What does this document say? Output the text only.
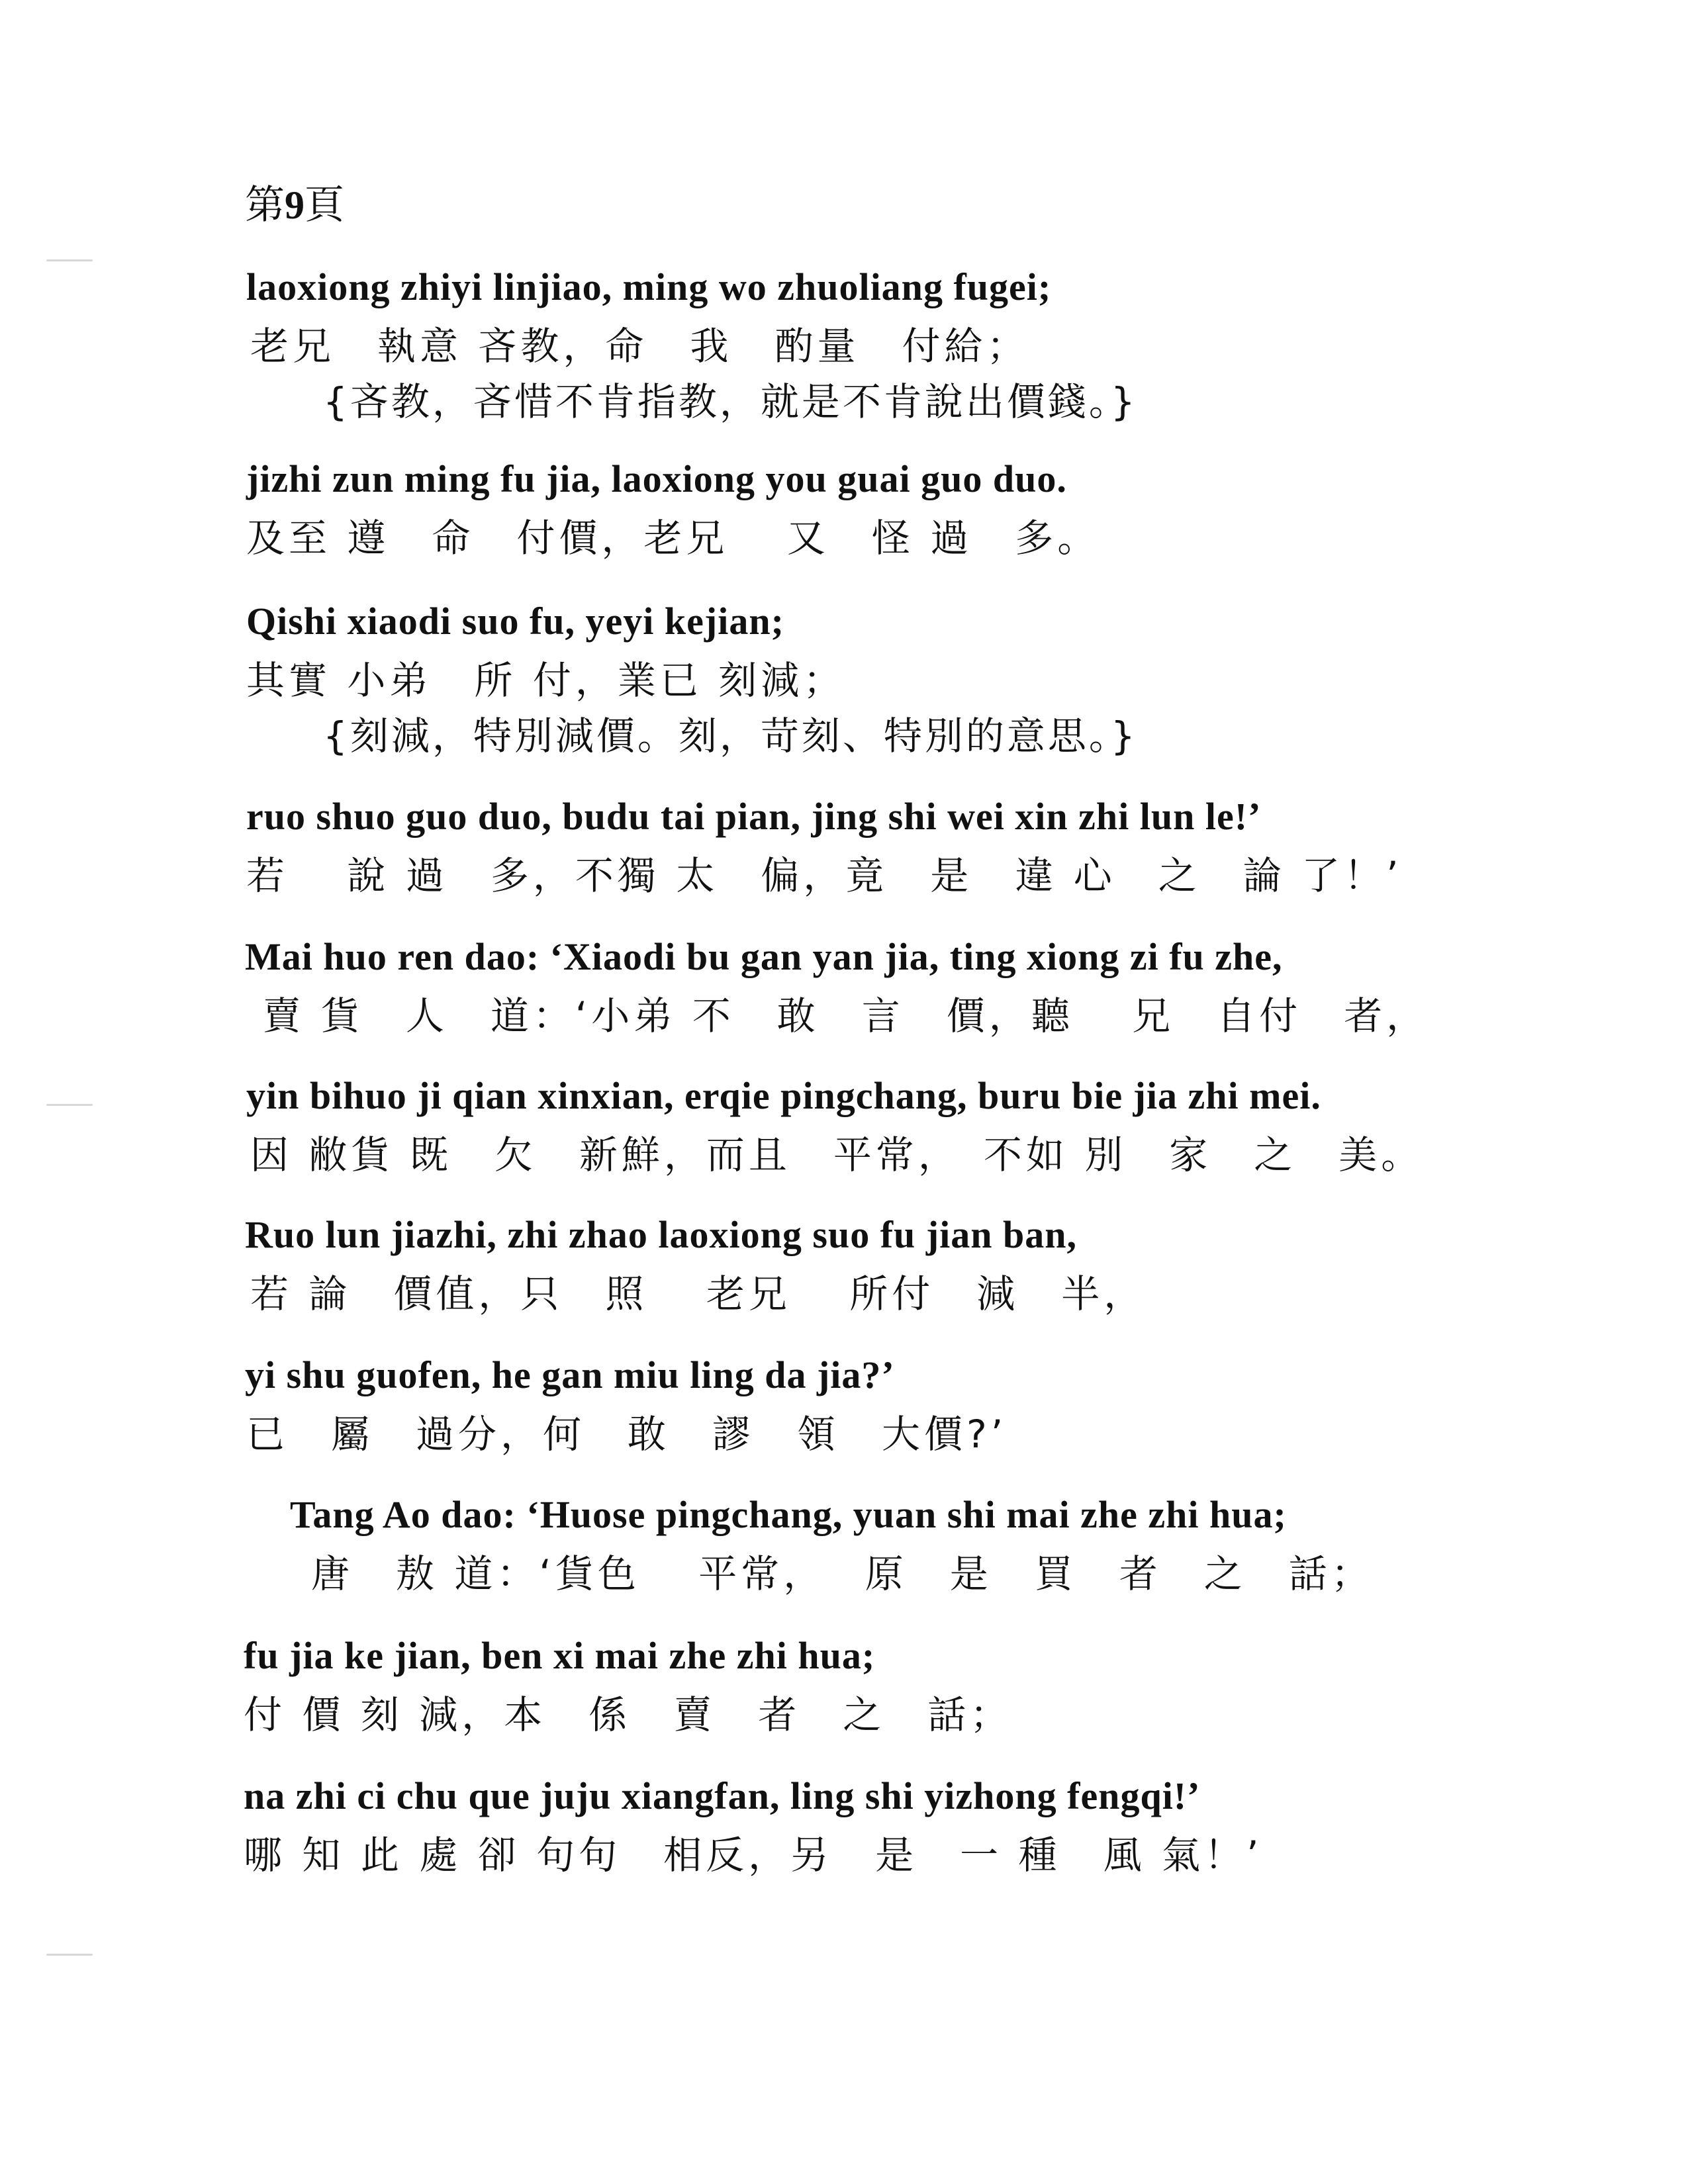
第9頁
laoxiong zhiyi linjiao, ming wo zhuoliang fugei;
老兄　執意 吝教，命　我　酌量　付給；
{吝教，吝惜不肯指教，就是不肯說出價錢。}
jizhi zun ming fu jia, laoxiong you guai guo duo.
及至 遵　命　付價，老兄　 又　怪 過　多。
Qishi xiaodi suo fu, yeyi kejian;
其實 小弟　所 付，業已 刻減；
{刻減，特別減價。刻，苛刻、特別的意思。}
ruo shuo guo duo, budu tai pian, jing shi wei xin zhi lun le!’
若　 說 過　多，不獨 太　偏，竟　是　違 心　之　論 了！’
Mai huo ren dao: ‘Xiaodi bu gan yan jia, ting xiong zi fu zhe,
賣 貨　人　道：‘小弟 不　敢　言　價，聽　 兄　自付　者，
yin bihuo ji qian xinxian, erqie pingchang, buru bie jia zhi mei.
因 敝貨 既　欠　新鮮，而且　平常，　不如 別　家　之　美。
Ruo lun jiazhi, zhi zhao laoxiong suo fu jian ban,
若 論　價值，只　照　 老兄　 所付　減　半，
yi shu guofen, he gan miu ling da jia?’
已　屬　過分，何　敢　謬　領　大價?’
Tang Ao dao: ‘Huose pingchang, yuan shi mai zhe zhi hua;
唐　敖 道：‘貨色　 平常，　 原　是　買　者　之　話；
fu jia ke jian, ben xi mai zhe zhi hua;
付 價 刻 減，本　係　賣　者　之　話；
na zhi ci chu que juju xiangfan, ling shi yizhong fengqi!’
哪 知 此 處 卻 句句　相反，另　是　一 種　風 氣！’
